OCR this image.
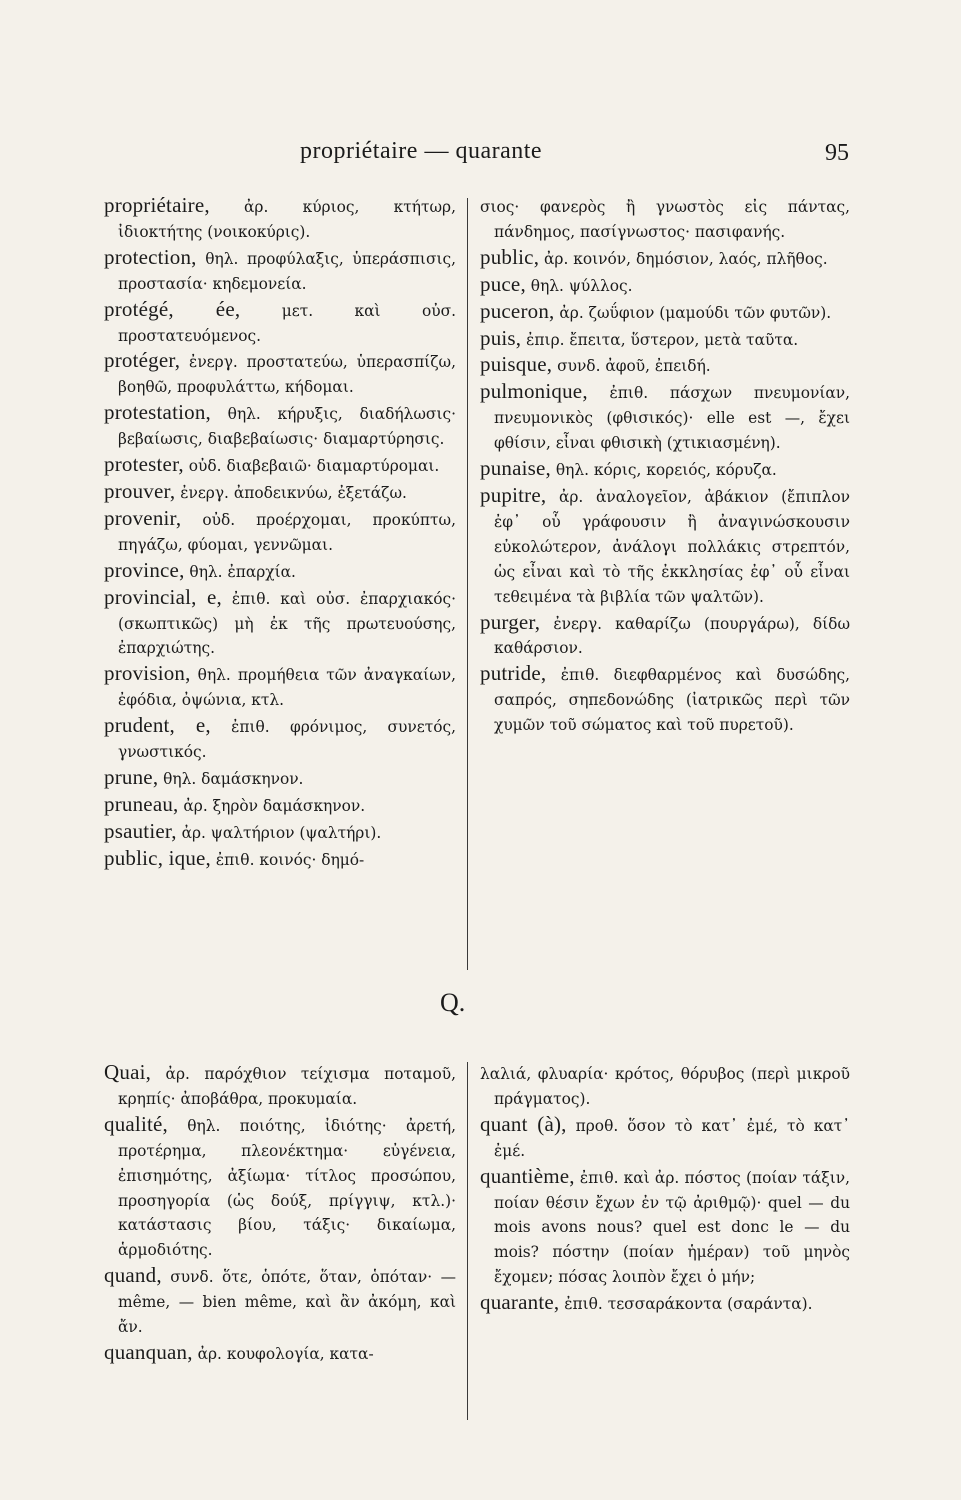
propriétaire — quarante	95

propriétaire, ἀρ. κύριος, κτήτωρ, ἰδιοκτήτης (νοικοκύρις).

protection, θηλ. προφύλαξις, ὑπεράσπισις, προστασία· κηδεμονεία.

protégé, ée, μετ. καὶ οὐσ. προστατευόμενος.

protéger, ἐνεργ. προστατεύω, ὑπερασπίζω, βοηθῶ, προφυλάττω, κήδομαι.

protestation, θηλ. κήρυξις, διαδήλωσις· βεβαίωσις, διαβεβαίωσις· διαμαρτύρησις.

protester, οὐδ. διαβεβαιῶ· διαμαρτύρομαι.

prouver, ἐνεργ. ἀποδεικνύω, ἐξετάζω.

provenir, οὐδ. προέρχομαι, προκύπτω, πηγάζω, φύομαι, γεννῶμαι.

province, θηλ. ἐπαρχία.

provincial, e, ἐπιθ. καὶ οὐσ. ἐπαρχιακός· (σκωπτικῶς) μὴ ἐκ τῆς πρωτευούσης, ἐπαρχιώτης.

provision, θηλ. προμήθεια τῶν ἀναγκαίων, ἐφόδια, ὀψώνια, κτλ.

prudent, e, ἐπιθ. φρόνιμος, συνετός, γνωστικός.

prune, θηλ. δαμάσκηνον.

pruneau, ἀρ. ξηρὸν δαμάσκηνον.

psautier, ἀρ. ψαλτήριον (ψαλτήρι).

public, ique, ἐπιθ. κοινός· δημό-

σιος· φανερὸς ἢ γνωστὸς εἰς πάντας, πάνδημος, πασίγνωστος· πασιφανής.

public, ἀρ. κοινόν, δημόσιον, λαός, πλῆθος.

puce, θηλ. ψύλλος.

puceron, ἀρ. ζωΰφιον (μαμούδι τῶν φυτῶν).

puis, ἐπιρ. ἔπειτα, ὕστερον, μετὰ ταῦτα.

puisque, συνδ. ἀφοῦ, ἐπειδή.

pulmonique, ἐπιθ. πάσχων πνευμονίαν, πνευμονικὸς (φθισικός)· elle est —, ἔχει φθίσιν, εἶναι φθισικὴ (χτικιασμένη).

punaise, θηλ. κόρις, κορειός, κόρυζα.

pupitre, ἀρ. ἀναλογεῖον, ἀβάκιον (ἔπιπλον ἐφ᾽ οὗ γράφουσιν ἢ ἀναγινώσκουσιν εὐκολώτερον, ἀνάλογι πολλάκις στρεπτόν, ὡς εἶναι καὶ τὸ τῆς ἐκκλησίας ἐφ᾽ οὗ εἶναι τεθειμένα τὰ βιβλία τῶν ψαλτῶν).

purger, ἐνεργ. καθαρίζω (πουργάρω), δίδω καθάρσιον.

putride, ἐπιθ. διεφθαρμένος καὶ δυσώδης, σαπρός, σηπεδονώδης (ἰατρικῶς περὶ τῶν χυμῶν τοῦ σώματος καὶ τοῦ πυρετοῦ).

Q.

Quai, ἀρ. παρόχθιον τείχισμα ποταμοῦ, κρηπίς· ἀποβάθρα, προκυμαία.

qualité, θηλ. ποιότης, ἰδιότης· ἀρετή, προτέρημα, πλεονέκτημα· εὐγένεια, ἐπισημότης, ἀξίωμα· τίτλος προσώπου, προσηγορία (ὡς δούξ, πρίγγιψ, κτλ.)· κατάστασις βίου, τάξις· δικαίωμα, ἁρμοδιότης.

quand, συνδ. ὅτε, ὁπότε, ὅταν, ὁπόταν· — même, — bien même, καὶ ἂν ἀκόμη, καὶ ἄν.

quanquan, ἀρ. κουφολογία, κατα-

λαλιά, φλυαρία· κρότος, θόρυβος (περὶ μικροῦ πράγματος).

quant (à), προθ. ὅσον τὸ κατ᾽ ἐμέ, τὸ κατ᾽ ἐμέ.

quantième, ἐπιθ. καὶ ἀρ. πόστος (ποίαν τάξιν, ποίαν θέσιν ἔχων ἐν τῷ ἀριθμῷ)· quel — du mois avons nous? quel est donc le — du mois? πόστην (ποίαν ἡμέραν) τοῦ μηνὸς ἔχομεν; πόσας λοιπὸν ἔχει ὁ μήν;

quarante, ἐπιθ. τεσσαράκοντα (σαράντα).
